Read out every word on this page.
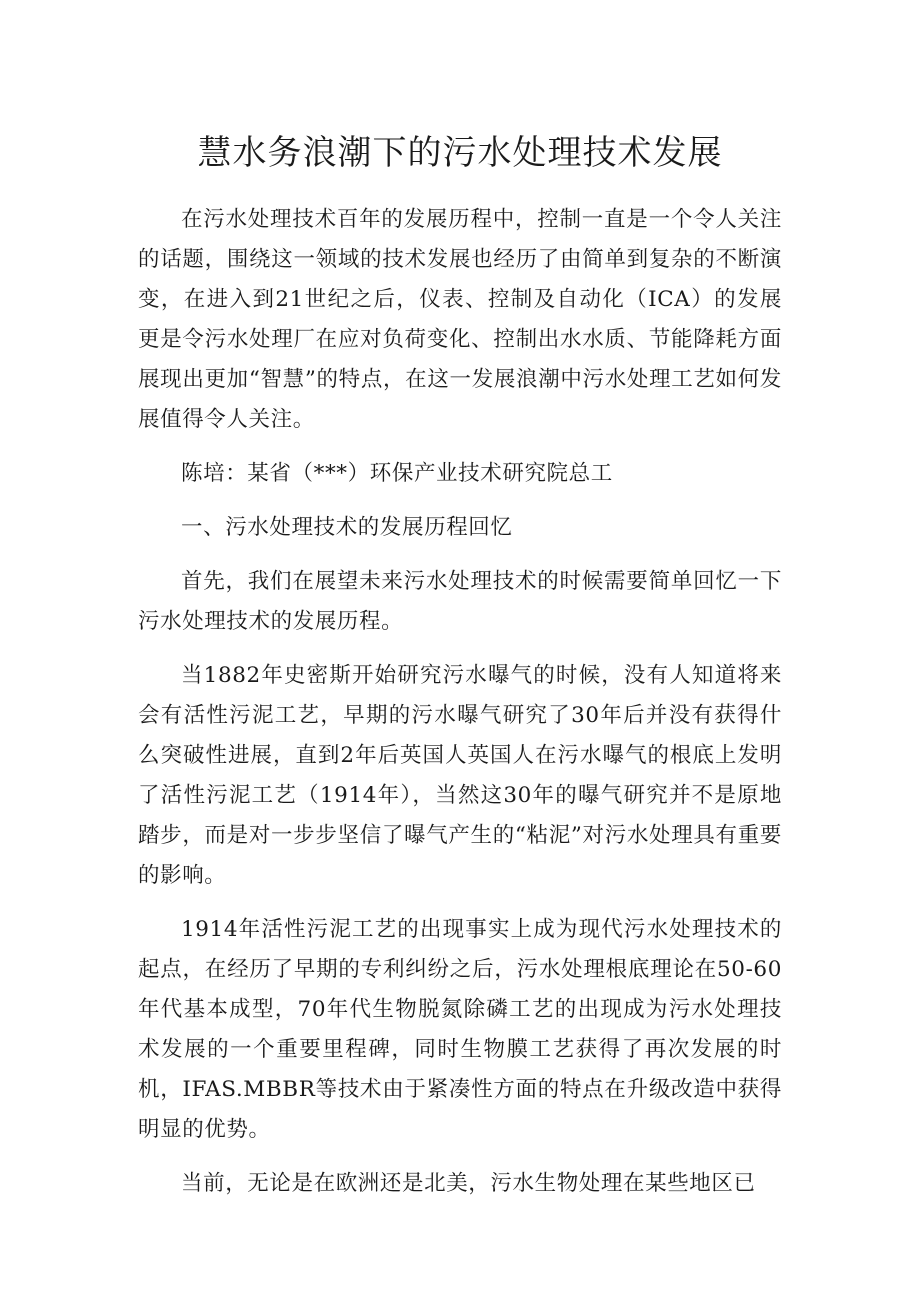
慧水务浪潮下的污水处理技术发展

在污水处理技术百年的发展历程中，控制一直是一个令人关注的话题，围绕这一领域的技术发展也经历了由简单到复杂的不断演变，在进入到21世纪之后，仪表、控制及自动化（ICA）的发展更是令污水处理厂在应对负荷变化、控制出水水质、节能降耗方面展现出更加“智慧”的特点，在这一发展浪潮中污水处理工艺如何发展值得令人关注。

陈培：某省（***）环保产业技术研究院总工

一、污水处理技术的发展历程回忆

首先，我们在展望未来污水处理技术的时候需要简单回忆一下污水处理技术的发展历程。

当1882年史密斯开始研究污水曝气的时候，没有人知道将来会有活性污泥工艺，早期的污水曝气研究了30年后并没有获得什么突破性进展，直到2年后英国人英国人在污水曝气的根底上发明了活性污泥工艺（1914年），当然这30年的曝气研究并不是原地踏步，而是对一步步坚信了曝气产生的“粘泥”对污水处理具有重要的影响。

1914年活性污泥工艺的出现事实上成为现代污水处理技术的起点，在经历了早期的专利纠纷之后，污水处理根底理论在50-60年代基本成型，70年代生物脱氮除磷工艺的出现成为污水处理技术发展的一个重要里程碑，同时生物膜工艺获得了再次发展的时机，IFAS.MBBR等技术由于紧凑性方面的特点在升级改造中获得明显的优势。

当前，无论是在欧洲还是北美，污水生物处理在某些地区已
